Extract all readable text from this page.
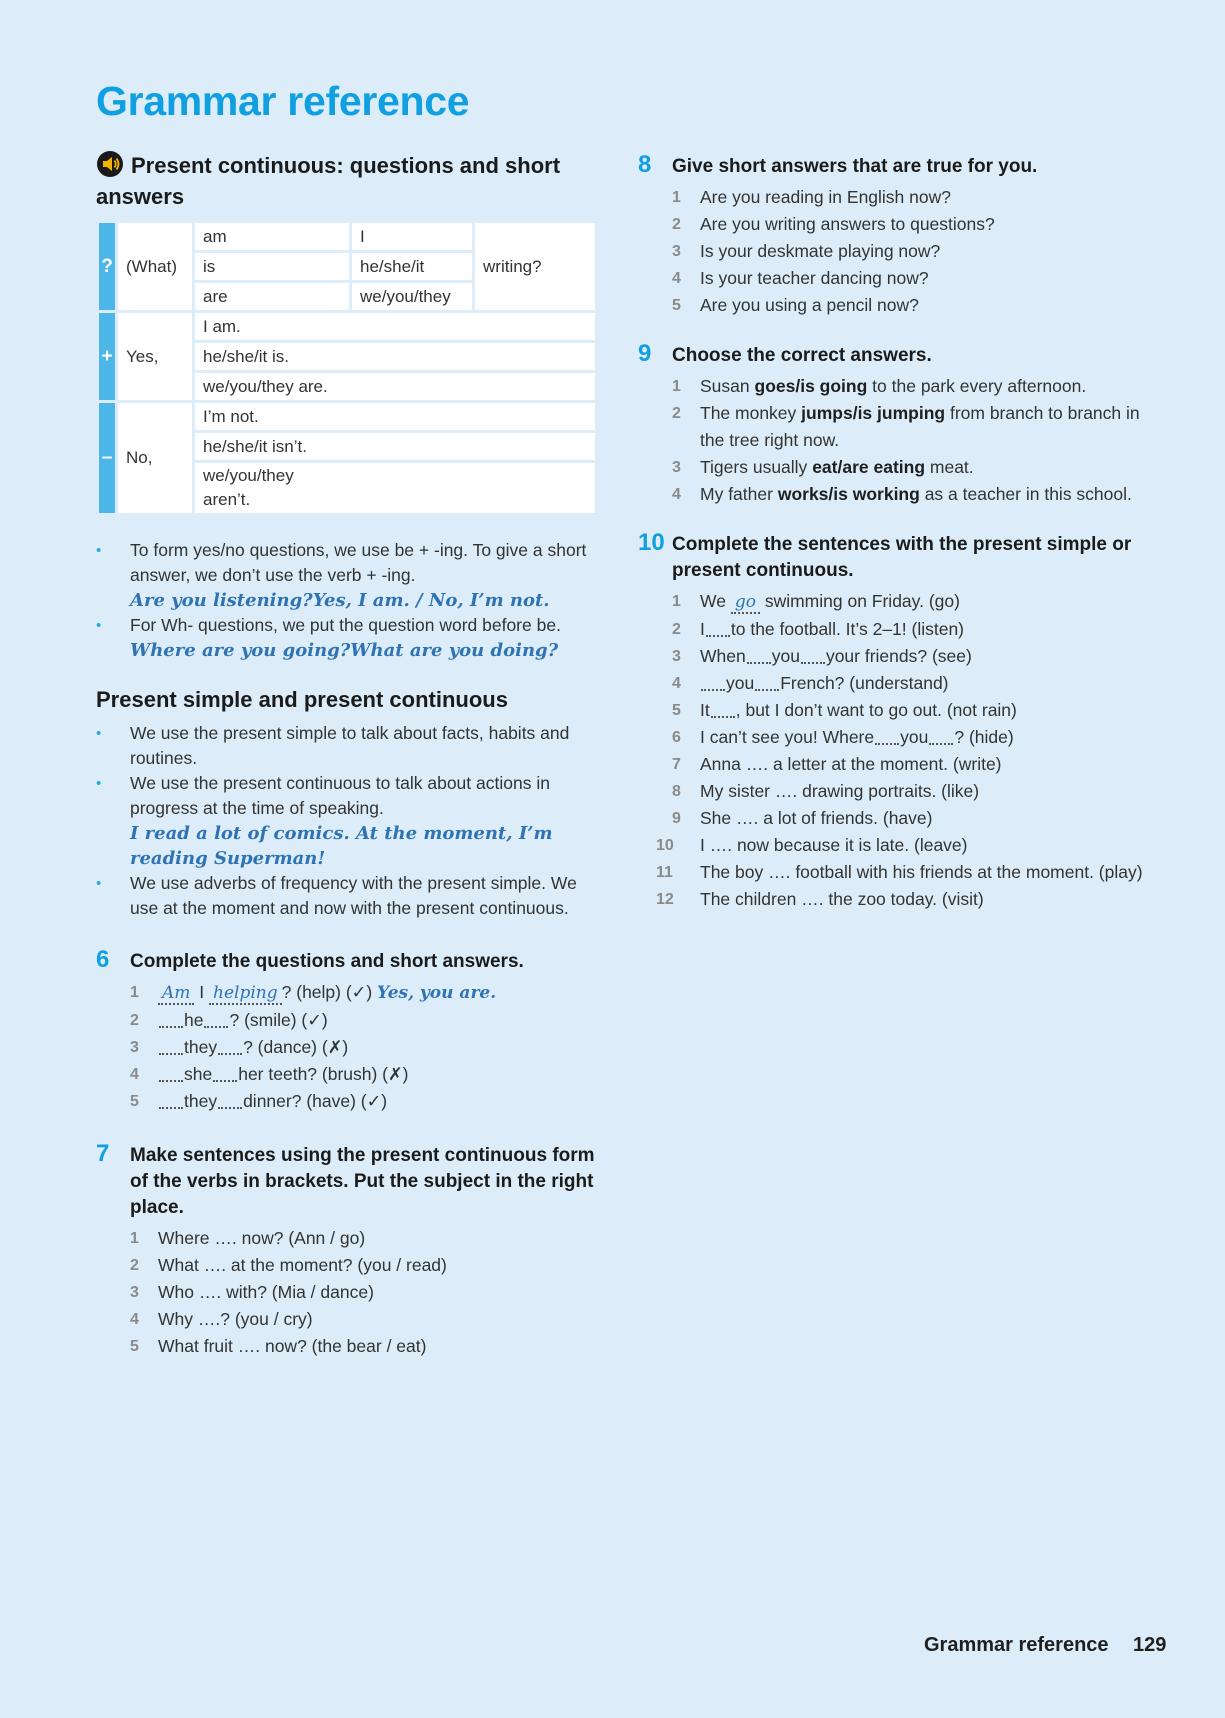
Grammar reference
Present continuous: questions and short answers
?	(What)	am	I	writing?
		is	he/she/it	
		are	we/you/they	
+	Yes,	I am.		
		he/she/it is.		
		we/you/they are.		
–	No,	I’m not.		
		he/she/it isn’t.		
		we/you/they aren’t.		
• To form yes/no questions, we use be + -ing. To give a short answer, we don’t use the verb + -ing.
Are you listening?Yes, I am. / No, I’m not.
• For Wh- questions, we put the question word before be.
Where are you going?What are you doing?
Present simple and present continuous
• We use the present simple to talk about facts, habits and routines.
• We use the present continuous to talk about actions in progress at the time of speaking.
I read a lot of comics. At the moment, I’m reading Superman!
• We use adverbs of frequency with the present simple. We use at the moment and now with the present continuous.
6 Complete the questions and short answers.
1 Am I helping ? (help) (✓) Yes, you are.
2	he ? (smile) (✓)
3	they ? (dance) (✗)
4	she her teeth? (brush) (✗)
5	they dinner? (have) (✓)
7 Make sentences using the present continuous form of the verbs in brackets. Put the subject in the right place.
1 Where …. now? (Ann / go)
2 What …. at the moment? (you / read)
3 Who …. with? (Mia / dance)
4 Why ….? (you / cry)
5 What fruit …. now? (the bear / eat)
8 Give short answers that are true for you.
1 Are you reading in English now?
2 Are you writing answers to questions?
3 Is your deskmate playing now?
4 Is your teacher dancing now?
5 Are you using a pencil now?
9 Choose the correct answers.
1 Susan goes/is going to the park every afternoon.
2 The monkey jumps/is jumping from branch to branch in the tree right now.
3 Tigers usually eat/are eating meat.
4 My father works/is working as a teacher in this school.
10 Complete the sentences with the present simple or present continuous.
1 We go swimming on Friday. (go)
2 I to the football. It’s 2–1! (listen)
3 When you your friends? (see)
4	you French? (understand)
5 It , but I don’t want to go out. (not rain)
6 I can’t see you! Where you ? (hide)
7 Anna …. a letter at the moment. (write)
8 My sister …. drawing portraits. (like)
9 She …. a lot of friends. (have)
10 I …. now because it is late. (leave)
11 The boy …. football with his friends at the moment. (play)
12 The children …. the zoo today. (visit)
Grammar reference 129
